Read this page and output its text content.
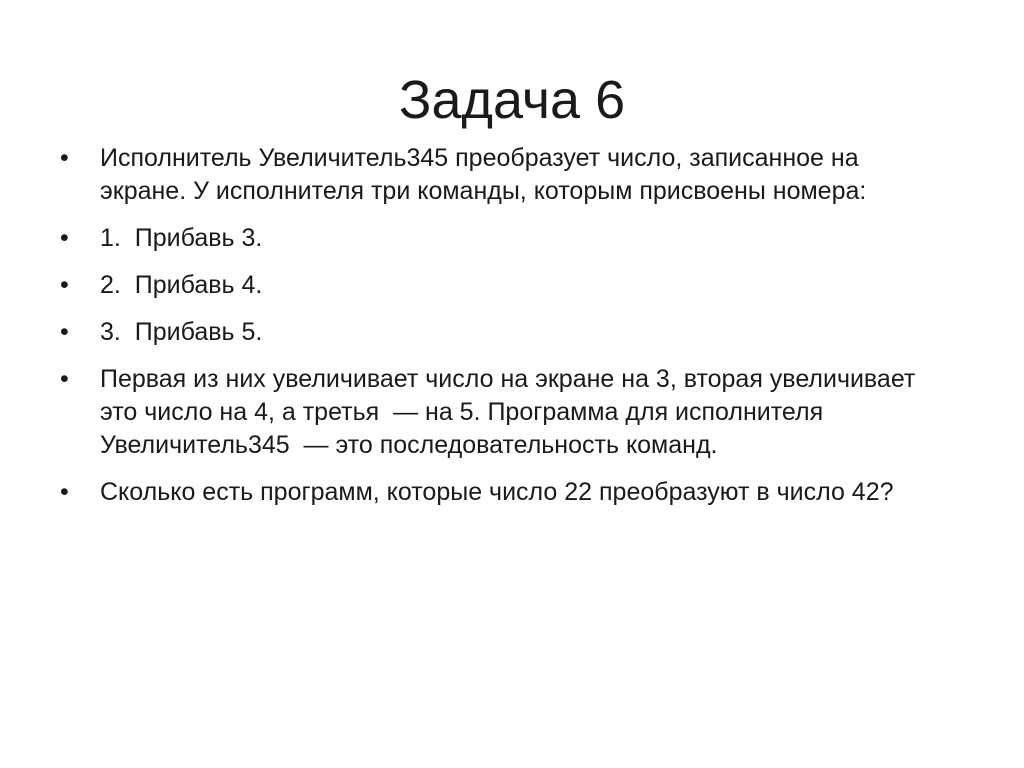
Задача 6
•	Исполнитель Увеличитель345 преобразует число, записанное на
экране. У исполнителя три команды, которым присвоены номера:
•	1.  Прибавь 3.
•	2.  Прибавь 4.
•	3.  Прибавь 5.
•	Первая из них увеличивает число на экране на 3, вторая увеличивает
это число на 4, а третья  — на 5. Программа для исполнителя
Увеличитель345  — это последовательность команд.
•	Сколько есть программ, которые число 22 преобразуют в число 42?
